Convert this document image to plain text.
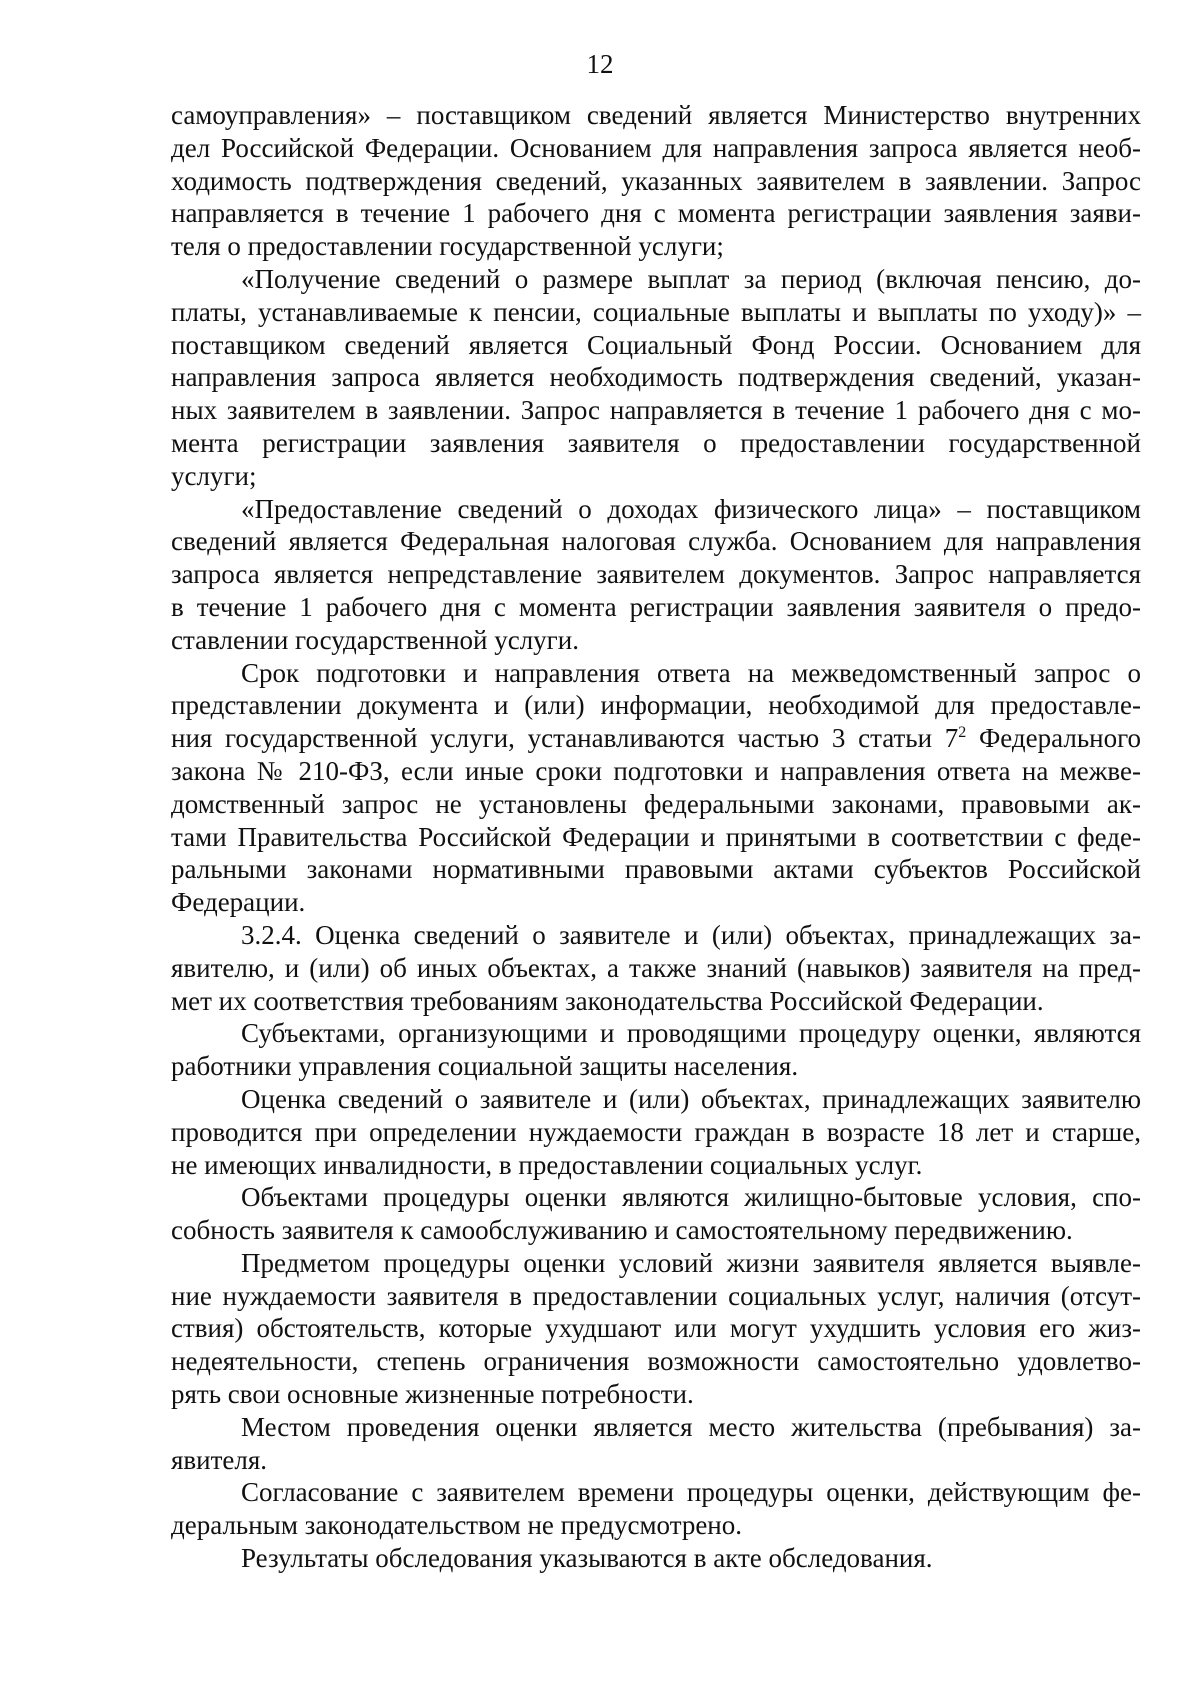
12
самоуправления» – поставщиком сведений является Министерство внутренних
дел Российской Федерации. Основанием для направления запроса является необ-
ходимость подтверждения сведений, указанных заявителем в заявлении. Запрос
направляется в течение 1 рабочего дня с момента регистрации заявления заяви-
теля о предоставлении государственной услуги;
«Получение сведений о размере выплат за период (включая пенсию, до-
платы, устанавливаемые к пенсии, социальные выплаты и выплаты по уходу)» –
поставщиком сведений является Социальный Фонд России. Основанием для
направления запроса является необходимость подтверждения сведений, указан-
ных заявителем в заявлении. Запрос направляется в течение 1 рабочего дня с мо-
мента регистрации заявления заявителя о предоставлении государственной
услуги;
«Предоставление сведений о доходах физического лица» – поставщиком
сведений является Федеральная налоговая служба. Основанием для направления
запроса является непредставление заявителем документов. Запрос направляется
в течение 1 рабочего дня с момента регистрации заявления заявителя о предо-
ставлении государственной услуги.
Срок подготовки и направления ответа на межведомственный запрос о
представлении документа и (или) информации, необходимой для предоставле-
ния государственной услуги, устанавливаются частью 3 статьи $7^2$ Федерального
закона № 210-ФЗ, если иные сроки подготовки и направления ответа на межве-
домственный запрос не установлены федеральными законами, правовыми ак-
тами Правительства Российской Федерации и принятыми в соответствии с феде-
ральными законами нормативными правовыми актами субъектов Российской
Федерации.
3.2.4. Оценка сведений о заявителе и (или) объектах, принадлежащих за-
явителю, и (или) об иных объектах, а также знаний (навыков) заявителя на пред-
мет их соответствия требованиям законодательства Российской Федерации.
Субъектами, организующими и проводящими процедуру оценки, являются
работники управления социальной защиты населения.
Оценка сведений о заявителе и (или) объектах, принадлежащих заявителю
проводится при определении нуждаемости граждан в возрасте 18 лет и старше,
не имеющих инвалидности, в предоставлении социальных услуг.
Объектами процедуры оценки являются жилищно-бытовые условия, спо-
собность заявителя к самообслуживанию и самостоятельному передвижению.
Предметом процедуры оценки условий жизни заявителя является выявле-
ние нуждаемости заявителя в предоставлении социальных услуг, наличия (отсут-
ствия) обстоятельств, которые ухудшают или могут ухудшить условия его жиз-
недеятельности, степень ограничения возможности самостоятельно удовлетво-
рять свои основные жизненные потребности.
Местом проведения оценки является место жительства (пребывания) за-
явителя.
Согласование с заявителем времени процедуры оценки, действующим фе-
деральным законодательством не предусмотрено.
Результаты обследования указываются в акте обследования.
